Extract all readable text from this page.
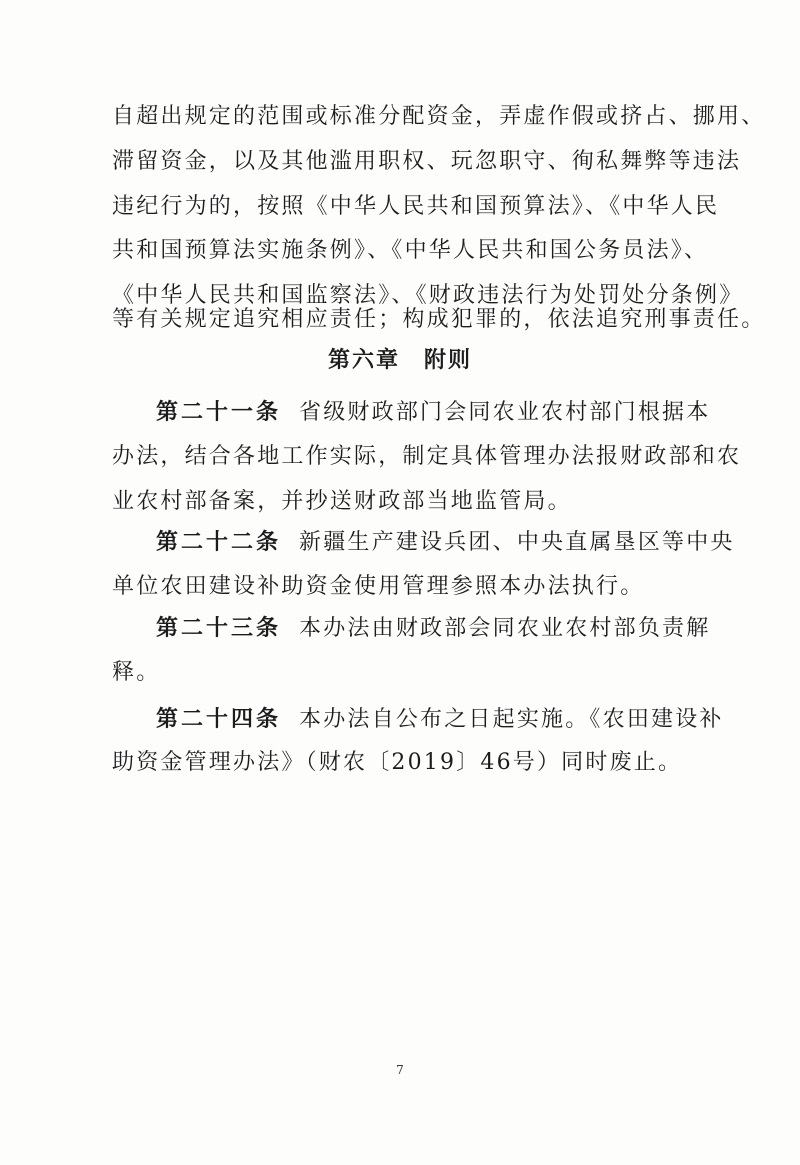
自超出规定的范围或标准分配资金，弄虚作假或挤占、挪用、
滞留资金，以及其他滥用职权、玩忽职守、徇私舞弊等违法
违纪行为的，按照《中华人民共和国预算法》、《中华人民
共和国预算法实施条例》、《中华人民共和国公务员法》、
《中华人民共和国监察法》、《财政违法行为处罚处分条例》
等有关规定追究相应责任；构成犯罪的，依法追究刑事责任。
第六章　附则
第二十一条 省级财政部门会同农业农村部门根据本
办法，结合各地工作实际，制定具体管理办法报财政部和农
业农村部备案，并抄送财政部当地监管局。
第二十二条 新疆生产建设兵团、中央直属垦区等中央
单位农田建设补助资金使用管理参照本办法执行。
第二十三条 本办法由财政部会同农业农村部负责解
释。
第二十四条 本办法自公布之日起实施。《农田建设补
助资金管理办法》（财农〔2019〕46号）同时废止。
7
